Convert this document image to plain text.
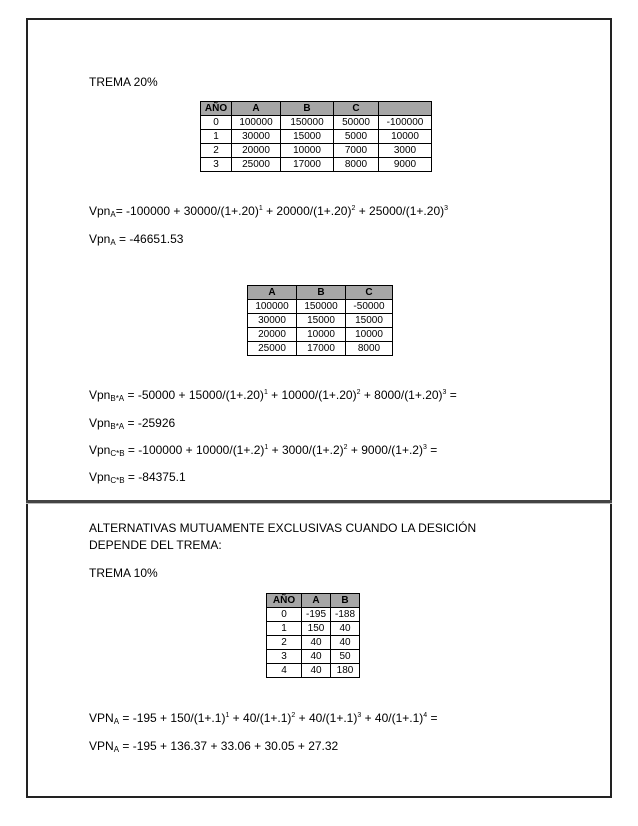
TREMA 20%
AÑO	A	B	C	
0	100000	150000	50000	-100000
1	30000	15000	5000	10000
2	20000	10000	7000	3000
3	25000	17000	8000	9000
$Vpn_A= -100000 + 30000/(1+.20)^1 + 20000/(1+.20)^2 + 25000/(1+.20)^3$
Vpn$_A$ = -46651.53
A	B	C
100000	150000	-50000
30000	15000	15000
20000	10000	10000
25000	17000	8000
$Vpn_{B*A} = -50000 + 15000/(1+.20)^1 + 10000/(1+.20)^2 + 8000/(1+.20)^3$ =
Vpn$_{B*A}$ = -25926
$Vpn_{C*B} = -100000 + 10000/(1+.2)^1 + 3000/(1+.2)^2 + 9000/(1+.2)^3$ =
Vpn$_{C*B}$ = -84375.1
ALTERNATIVAS MUTUAMENTE EXCLUSIVAS CUANDO LA DESICIÓN
DEPENDE DEL TREMA:
TREMA 10%
AÑO	A	B
0	-195	-188
1	150	40
2	40	40
3	40	50
4	40	180
$VPN_A = -195 + 150/(1+.1)^1 + 40/(1+.1)^2 + 40/(1+.1)^3 + 40/(1+.1)^4$ =
$VPN_A = -195 + 136.37 + 33.06 + 30.05 + 27.32$
